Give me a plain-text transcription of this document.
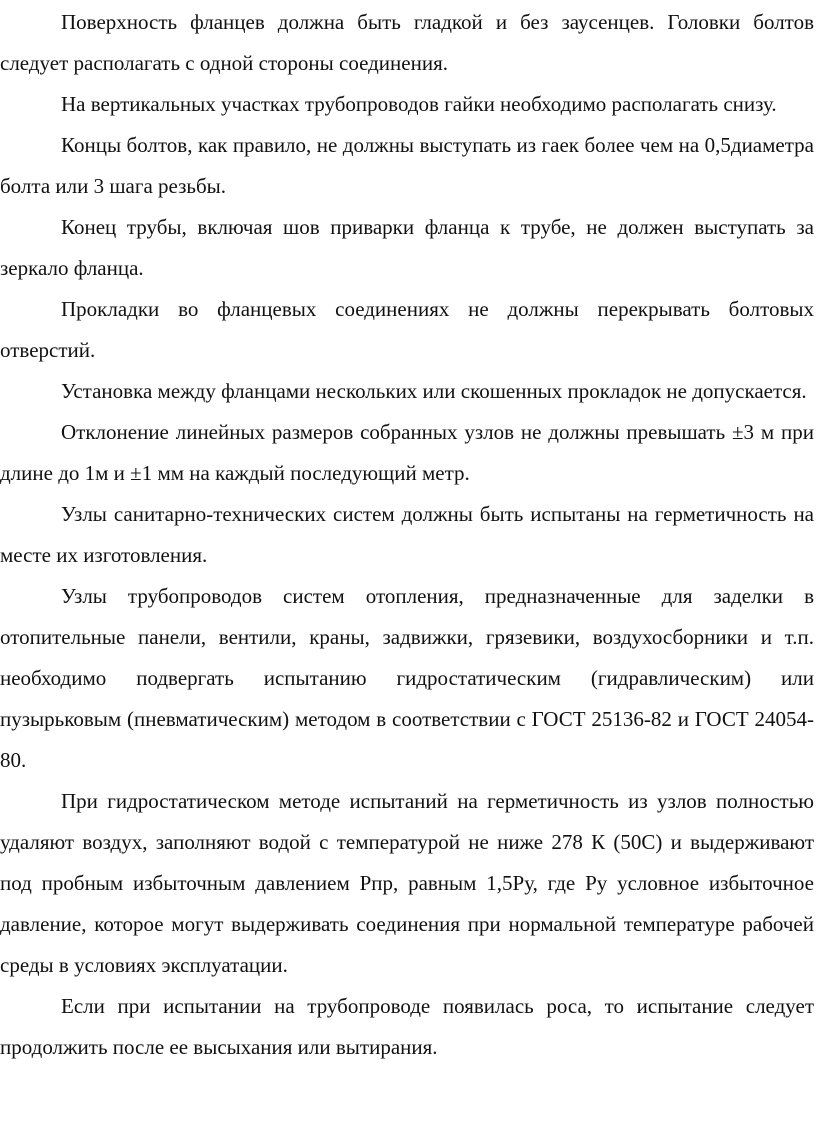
Поверхность фланцев должна быть гладкой и без заусенцев. Головки болтов следует располагать с одной стороны соединения.

На вертикальных участках трубопроводов гайки необходимо располагать снизу.

Концы болтов, как правило, не должны выступать из гаек более чем на 0,5диаметра болта или 3 шага резьбы.

Конец трубы, включая шов приварки фланца к трубе, не должен выступать за зеркало фланца.

Прокладки во фланцевых соединениях не должны перекрывать болтовых отверстий.

Установка между фланцами нескольких или скошенных прокладок не допускается.

Отклонение линейных размеров собранных узлов не должны превышать ±3 м при длине до 1м и ±1 мм на каждый последующий метр.

Узлы санитарно-технических систем должны быть испытаны на герметичность на месте их изготовления.

Узлы трубопроводов систем отопления, предназначенные для заделки в отопительные панели, вентили, краны, задвижки, грязевики, воздухосборники и т.п. необходимо подвергать испытанию гидростатическим (гидравлическим) или пузырьковым (пневматическим) методом в соответствии с ГОСТ 25136-82 и ГОСТ 24054-80.

При гидростатическом методе испытаний на герметичность из узлов полностью удаляют воздух, заполняют водой с температурой не ниже 278 К (50С) и выдерживают под пробным избыточным давлением Рпр, равным 1,5Ру, где Ру условное избыточное давление, которое могут выдерживать соединения при нормальной температуре рабочей среды в условиях эксплуатации.

Если при испытании на трубопроводе появилась роса, то испытание следует продолжить после ее высыхания или вытирания.
